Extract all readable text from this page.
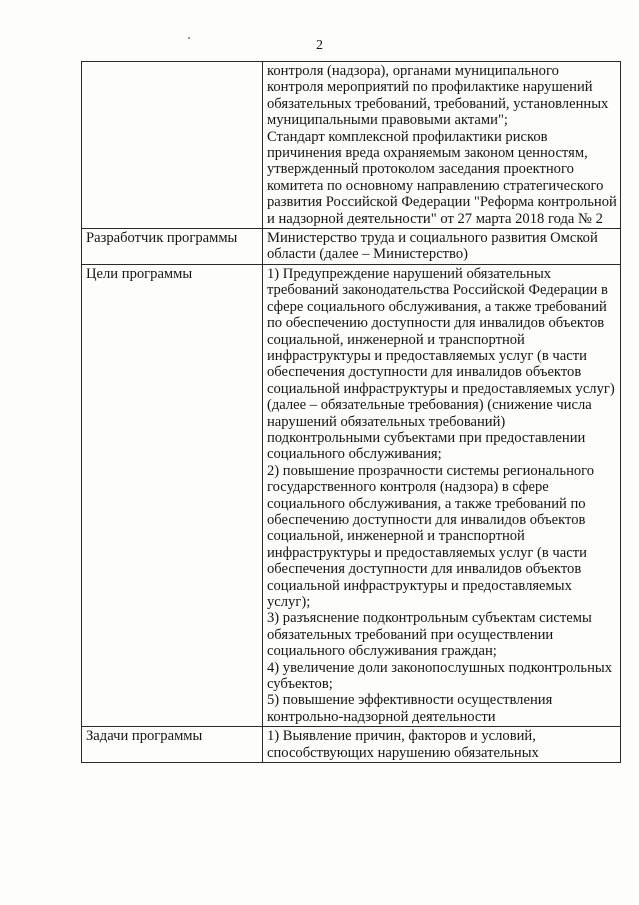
2

	контроля (надзора), органами муниципального контроля мероприятий по профилактике нарушений обязательных требований, требований, установленных муниципальными правовыми актами";
Стандарт комплексной профилактики рисков причинения вреда охраняемым законом ценностям, утвержденный протоколом заседания проектного комитета по основному направлению стратегического развития Российской Федерации "Реформа контрольной и надзорной деятельности" от 27 марта 2018 года № 2

Разработчик программы	Министерство труда и социального развития Омской области (далее – Министерство)

Цели программы	1) Предупреждение нарушений обязательных требований законодательства Российской Федерации в сфере социального обслуживания, а также требований по обеспечению доступности для инвалидов объектов социальной, инженерной и транспортной инфраструктуры и предоставляемых услуг (в части обеспечения доступности для инвалидов объектов социальной инфраструктуры и предоставляемых услуг) (далее – обязательные требования) (снижение числа нарушений обязательных требований) подконтрольными субъектами при предоставлении социального обслуживания;
2) повышение прозрачности системы регионального государственного контроля (надзора) в сфере социального обслуживания, а также требований по обеспечению доступности для инвалидов объектов социальной, инженерной и транспортной инфраструктуры и предоставляемых услуг (в части обеспечения доступности для инвалидов объектов социальной инфраструктуры и предоставляемых услуг);
3) разъяснение подконтрольным субъектам системы обязательных требований при осуществлении социального обслуживания граждан;
4) увеличение доли законопослушных подконтрольных субъектов;
5) повышение эффективности осуществления контрольно-надзорной деятельности

Задачи программы	1) Выявление причин, факторов и условий, способствующих нарушению обязательных
